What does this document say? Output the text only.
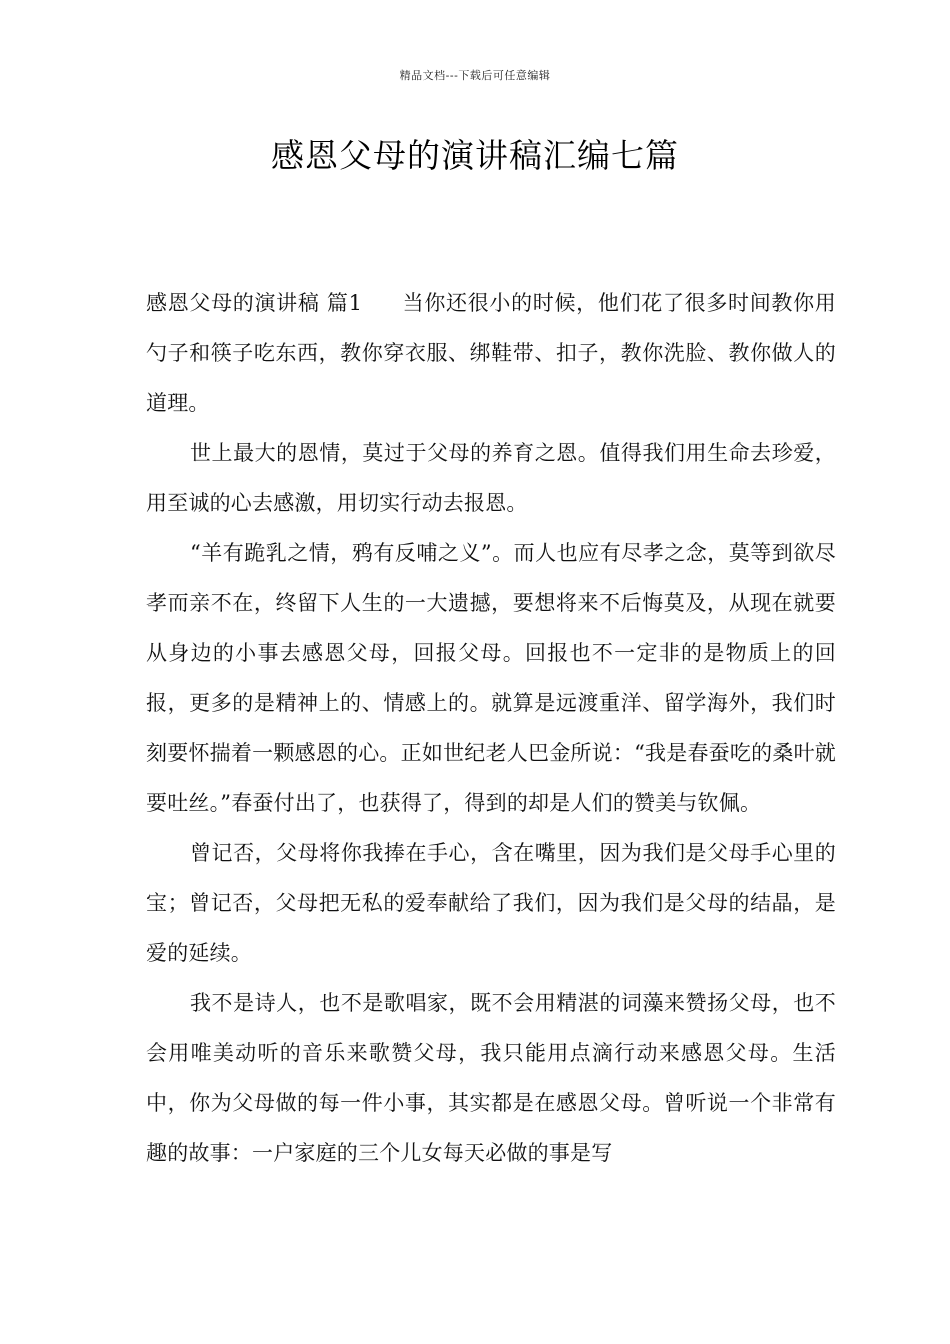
精品文档---下载后可任意编辑
感恩父母的演讲稿汇编七篇

感恩父母的演讲稿 篇1 当你还很小的时候，他们花了很多时间教你用勺子和筷子吃东西，教你穿衣服、绑鞋带、扣子，教你洗脸、教你做人的道理。

世上最大的恩情，莫过于父母的养育之恩。值得我们用生命去珍爱，用至诚的心去感激，用切实行动去报恩。

“羊有跪乳之情，鸦有反哺之义”。而人也应有尽孝之念，莫等到欲尽孝而亲不在，终留下人生的一大遗撼，要想将来不后悔莫及，从现在就要从身边的小事去感恩父母，回报父母。回报也不一定非的是物质上的回报，更多的是精神上的、情感上的。就算是远渡重洋、留学海外，我们时刻要怀揣着一颗感恩的心。正如世纪老人巴金所说：“我是春蚕吃的桑叶就要吐丝。”春蚕付出了，也获得了，得到的却是人们的赞美与钦佩。

曾记否，父母将你我捧在手心，含在嘴里，因为我们是父母手心里的宝；曾记否，父母把无私的爱奉献给了我们，因为我们是父母的结晶，是爱的延续。

我不是诗人，也不是歌唱家，既不会用精湛的词藻来赞扬父母，也不会用唯美动听的音乐来歌赞父母，我只能用点滴行动来感恩父母。生活中，你为父母做的每一件小事，其实都是在感恩父母。曾听说一个非常有趣的故事：一户家庭的三个儿女每天必做的事是写
